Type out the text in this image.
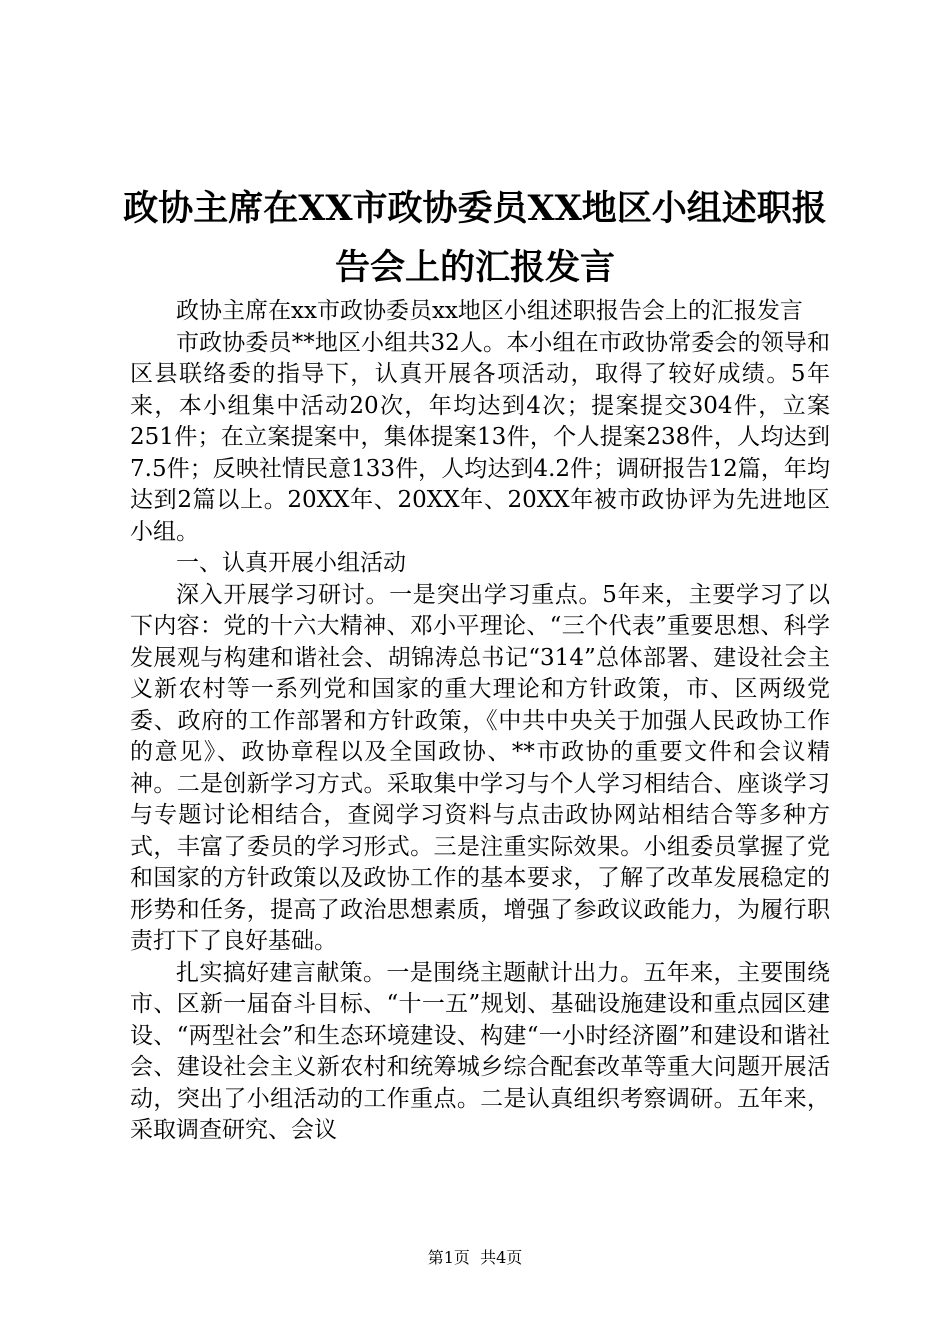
政协主席在XX市政协委员XX地区小组述职报
告会上的汇报发言

政协主席在xx市政协委员xx地区小组述职报告会上的汇报发言

市政协委员**地区小组共32人。本小组在市政协常委会的领导和区县联络委的指导下，认真开展各项活动，取得了较好成绩。5年来，本小组集中活动20次，年均达到4次；提案提交304件，立案251件；在立案提案中，集体提案13件，个人提案238件，人均达到7.5件；反映社情民意133件，人均达到4.2件；调研报告12篇，年均达到2篇以上。20XX年、20XX年、20XX年被市政协评为先进地区小组。

一、认真开展小组活动

深入开展学习研讨。一是突出学习重点。5年来，主要学习了以下内容：党的十六大精神、邓小平理论、“三个代表”重要思想、科学发展观与构建和谐社会、胡锦涛总书记“314”总体部署、建设社会主义新农村等一系列党和国家的重大理论和方针政策，市、区两级党委、政府的工作部署和方针政策，《中共中央关于加强人民政协工作的意见》、政协章程以及全国政协、**市政协的重要文件和会议精神。二是创新学习方式。采取集中学习与个人学习相结合、座谈学习与专题讨论相结合，查阅学习资料与点击政协网站相结合等多种方式，丰富了委员的学习形式。三是注重实际效果。小组委员掌握了党和国家的方针政策以及政协工作的基本要求，了解了改革发展稳定的形势和任务，提高了政治思想素质，增强了参政议政能力，为履行职责打下了良好基础。

扎实搞好建言献策。一是围绕主题献计出力。五年来，主要围绕市、区新一届奋斗目标、“十一五”规划、基础设施建设和重点园区建设、“两型社会”和生态环境建设、构建“一小时经济圈”和建设和谐社会、建设社会主义新农村和统筹城乡综合配套改革等重大问题开展活动，突出了小组活动的工作重点。二是认真组织考察调研。五年来，采取调查研究、会议

第1页  共4页
